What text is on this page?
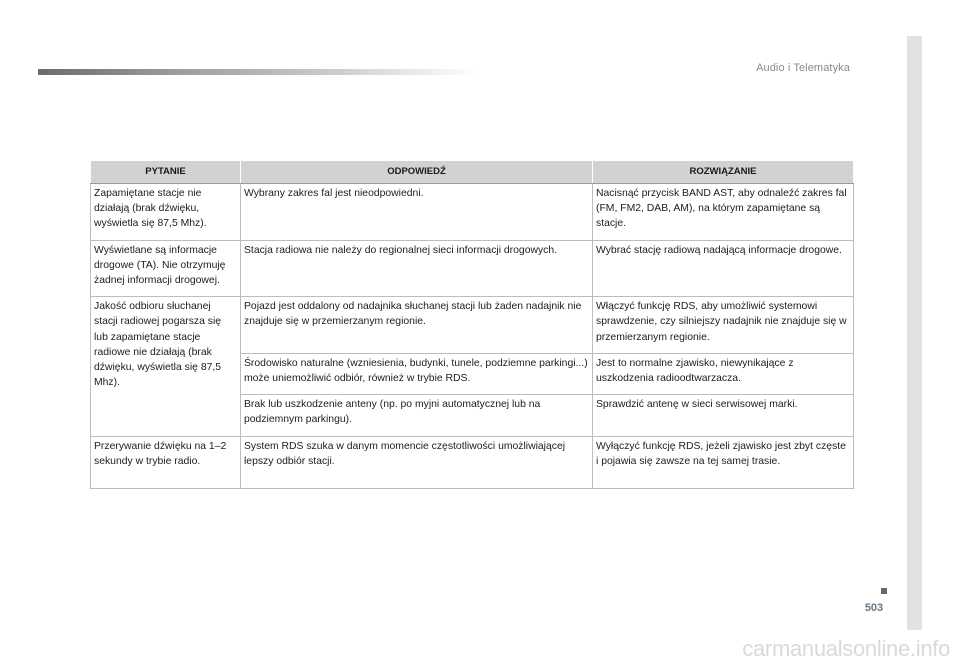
Audio i Telematyka
PYTANIE	ODPOWIEDŹ	ROZWIĄZANIE
Zapamiętane stacje nie działają (brak dźwięku, wyświetla się 87,5 Mhz).	Wybrany zakres fal jest nieodpowiedni.	Nacisnąć przycisk BAND AST, aby odnaleźć zakres fal (FM, FM2, DAB, AM), na którym zapamiętane są stacje.
Wyświetlane są informacje drogowe (TA). Nie otrzymuję żadnej informacji drogowej.	Stacja radiowa nie należy do regionalnej sieci informacji drogowych.	Wybrać stację radiową nadającą informacje drogowe.
Jakość odbioru słuchanej stacji radiowej pogarsza się lub zapamiętane stacje radiowe nie działają (brak dźwięku, wyświetla się 87,5 Mhz).	Pojazd jest oddalony od nadajnika słuchanej stacji lub żaden nadajnik nie znajduje się w przemierzanym regionie.	Włączyć funkcję RDS, aby umożliwić systemowi sprawdzenie, czy silniejszy nadajnik nie znajduje się w przemierzanym regionie.
	Środowisko naturalne (wzniesienia, budynki, tunele, podziemne parkingi...) może uniemożliwić odbiór, również w trybie RDS.	Jest to normalne zjawisko, niewynikające z uszkodzenia radioodtwarzacza.
	Brak lub uszkodzenie anteny (np. po myjni automatycznej lub na podziemnym parkingu).	Sprawdzić antenę w sieci serwisowej marki.
Przerywanie dźwięku na 1–2 sekundy w trybie radio.	System RDS szuka w danym momencie częstotliwości umożliwiającej lepszy odbiór stacji.	Wyłączyć funkcję RDS, jeżeli zjawisko jest zbyt częste i pojawia się zawsze na tej samej trasie.
503
carmanualsonline.info
